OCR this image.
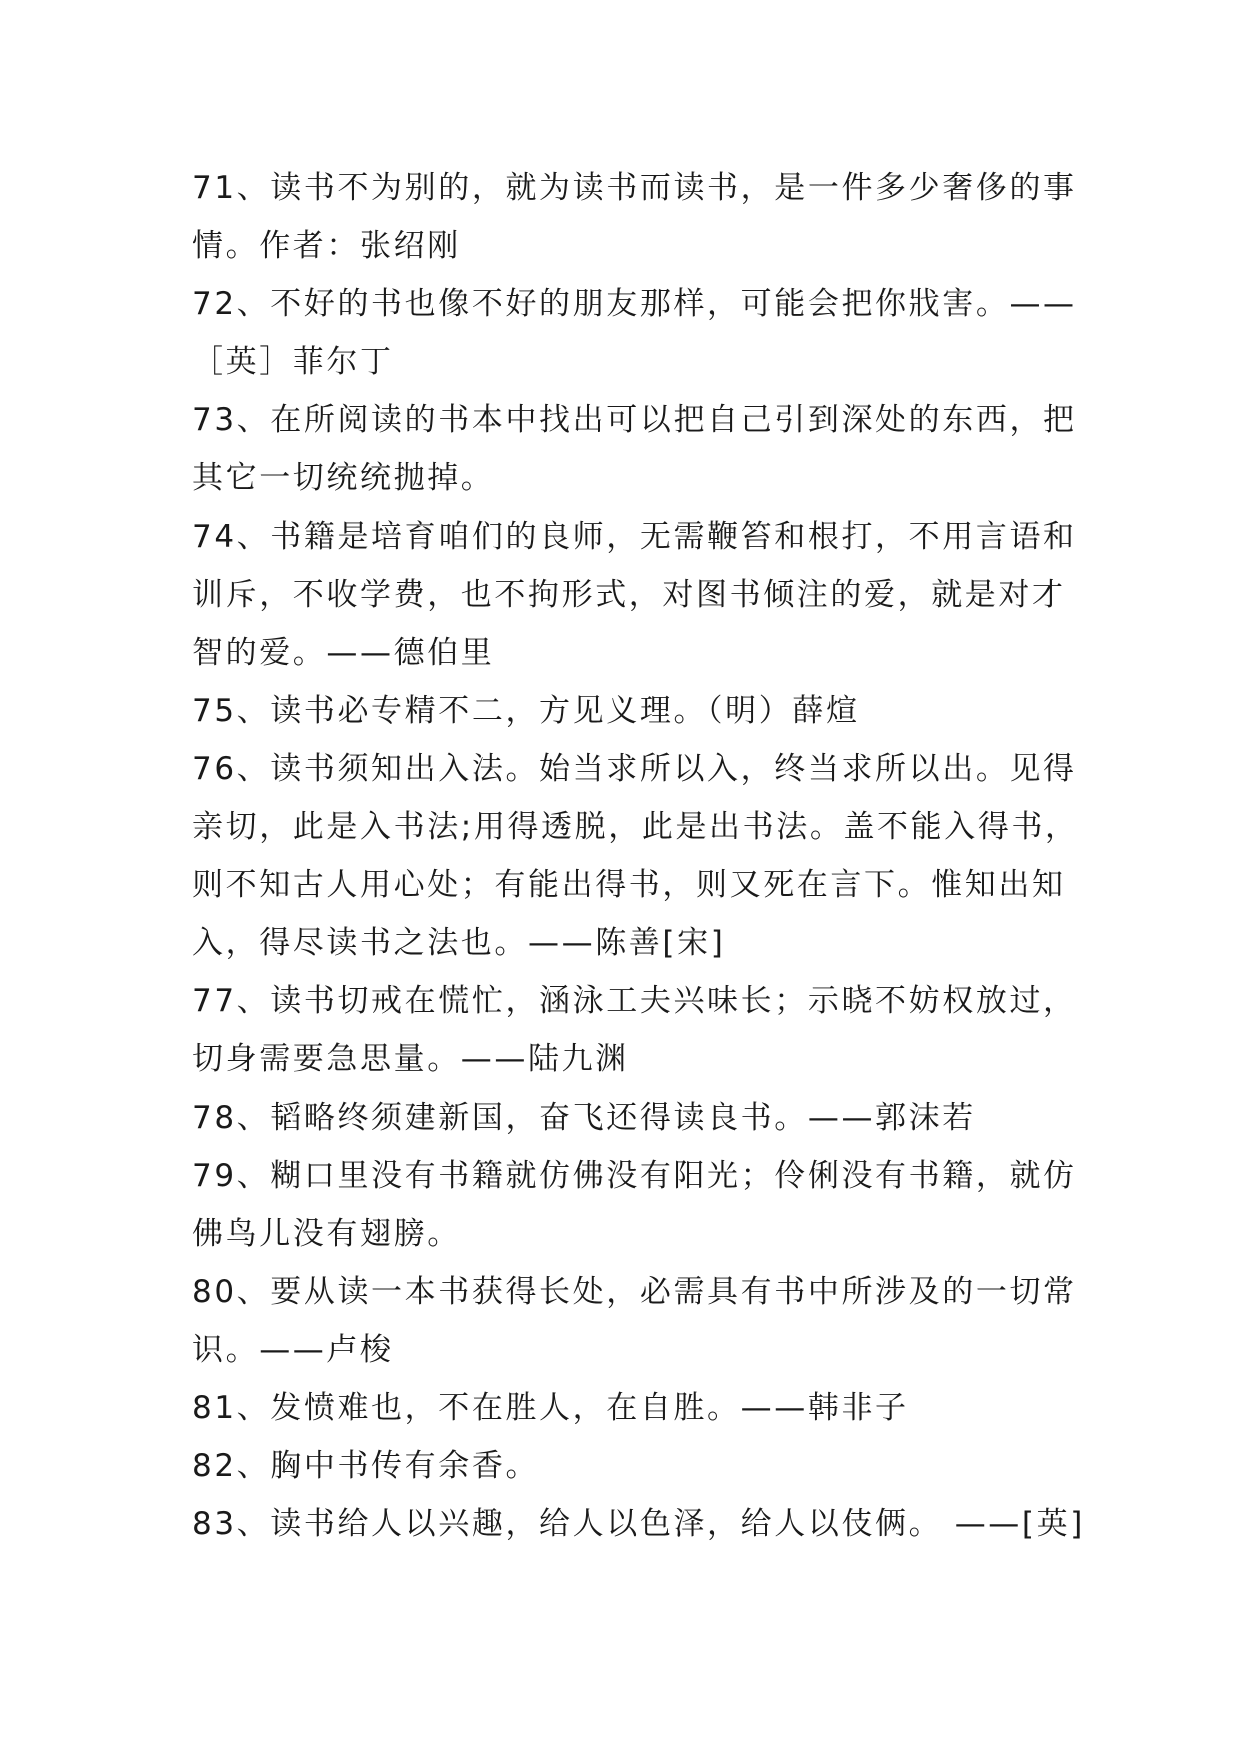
71、读书不为别的，就为读书而读书，是一件多少奢侈的事
情。作者：张绍刚
72、不好的书也像不好的朋友那样，可能会把你戕害。——
［英］菲尔丁
73、在所阅读的书本中找出可以把自己引到深处的东西，把
其它一切统统抛掉。
74、书籍是培育咱们的良师，无需鞭笞和根打，不用言语和
训斥，不收学费，也不拘形式，对图书倾注的爱，就是对才
智的爱。——德伯里
75、读书必专精不二，方见义理。（明）薛煊
76、读书须知出入法。始当求所以入，终当求所以出。见得
亲切，此是入书法;用得透脱，此是出书法。盖不能入得书，
则不知古人用心处；有能出得书，则又死在言下。惟知出知
入，得尽读书之法也。——陈善[宋]
77、读书切戒在慌忙，涵泳工夫兴味长；示晓不妨权放过，
切身需要急思量。——陆九渊
78、韬略终须建新国，奋飞还得读良书。——郭沫若
79、糊口里没有书籍就仿佛没有阳光；伶俐没有书籍，就仿
佛鸟儿没有翅膀。
80、要从读一本书获得长处，必需具有书中所涉及的一切常
识。——卢梭
81、发愤难也，不在胜人，在自胜。——韩非子
82、胸中书传有余香。
83、读书给人以兴趣，给人以色泽，给人以伎俩。 ——[英]
